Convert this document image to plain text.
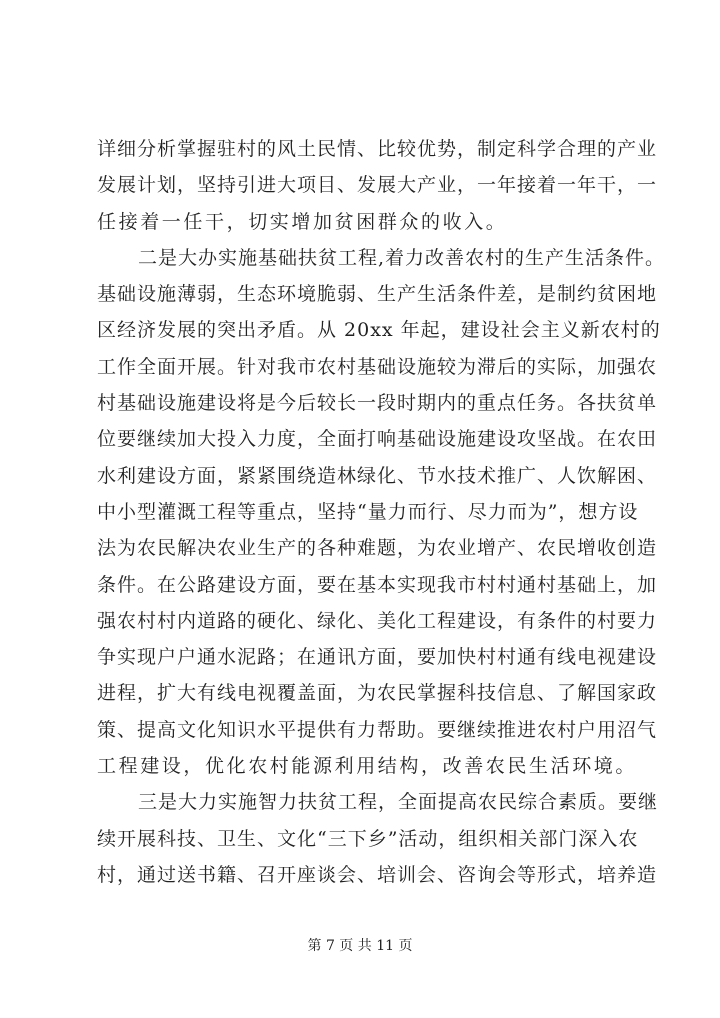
详细分析掌握驻村的风土民情、比较优势，制定科学合理的产业
发展计划，坚持引进大项目、发展大产业，一年接着一年干，一
任接着一任干，切实增加贫困群众的收入。
二是大办实施基础扶贫工程,着力改善农村的生产生活条件。
基础设施薄弱，生态环境脆弱、生产生活条件差，是制约贫困地
区经济发展的突出矛盾。从 20xx 年起，建设社会主义新农村的
工作全面开展。针对我市农村基础设施较为滞后的实际，加强农
村基础设施建设将是今后较长一段时期内的重点任务。各扶贫单
位要继续加大投入力度，全面打响基础设施建设攻坚战。在农田
水利建设方面，紧紧围绕造林绿化、节水技术推广、人饮解困、
中小型灌溉工程等重点，坚持“量力而行、尽力而为”，想方设
法为农民解决农业生产的各种难题，为农业增产、农民增收创造
条件。在公路建设方面，要在基本实现我市村村通村基础上，加
强农村村内道路的硬化、绿化、美化工程建设，有条件的村要力
争实现户户通水泥路；在通讯方面，要加快村村通有线电视建设
进程，扩大有线电视覆盖面，为农民掌握科技信息、了解国家政
策、提高文化知识水平提供有力帮助。要继续推进农村户用沼气
工程建设，优化农村能源利用结构，改善农民生活环境。
三是大力实施智力扶贫工程，全面提高农民综合素质。要继
续开展科技、卫生、文化“三下乡”活动，组织相关部门深入农
村，通过送书籍、召开座谈会、培训会、咨询会等形式，培养造
第 7 页 共 11 页
